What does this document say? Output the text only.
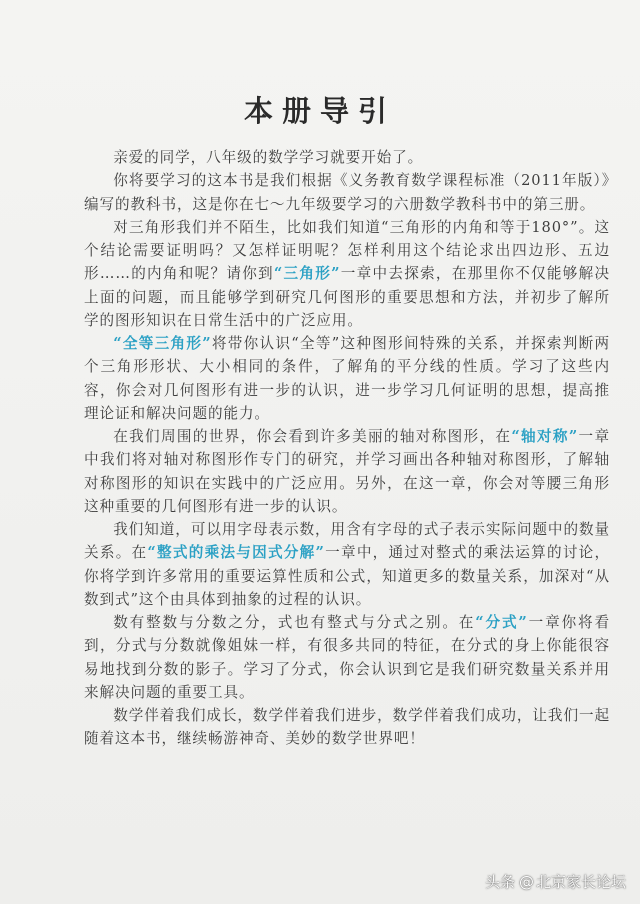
本册导引

亲爱的同学，八年级的数学学习就要开始了。

你将要学习的这本书是我们根据《义务教育数学课程标准（2011年版）》编写的教科书，这是你在七～九年级要学习的六册数学教科书中的第三册。

对三角形我们并不陌生，比如我们知道“三角形的内角和等于180°”。这个结论需要证明吗？又怎样证明呢？怎样利用这个结论求出四边形、五边形……的内角和呢？请你到“三角形”一章中去探索，在那里你不仅能够解决上面的问题，而且能够学到研究几何图形的重要思想和方法，并初步了解所学的图形知识在日常生活中的广泛应用。

“全等三角形”将带你认识“全等”这种图形间特殊的关系，并探索判断两个三角形形状、大小相同的条件，了解角的平分线的性质。学习了这些内容，你会对几何图形有进一步的认识，进一步学习几何证明的思想，提高推理论证和解决问题的能力。

在我们周围的世界，你会看到许多美丽的轴对称图形，在“轴对称”一章中我们将对轴对称图形作专门的研究，并学习画出各种轴对称图形，了解轴对称图形的知识在实践中的广泛应用。另外，在这一章，你会对等腰三角形这种重要的几何图形有进一步的认识。

我们知道，可以用字母表示数，用含有字母的式子表示实际问题中的数量关系。在“整式的乘法与因式分解”一章中，通过对整式的乘法运算的讨论，你将学到许多常用的重要运算性质和公式，知道更多的数量关系，加深对“从数到式”这个由具体到抽象的过程的认识。

数有整数与分数之分，式也有整式与分式之别。在“分式”一章你将看到，分式与分数就像姐妹一样，有很多共同的特征，在分式的身上你能很容易地找到分数的影子。学习了分式，你会认识到它是我们研究数量关系并用来解决问题的重要工具。

数学伴着我们成长，数学伴着我们进步，数学伴着我们成功，让我们一起随着这本书，继续畅游神奇、美妙的数学世界吧！

头条 @ 北京家长论坛
